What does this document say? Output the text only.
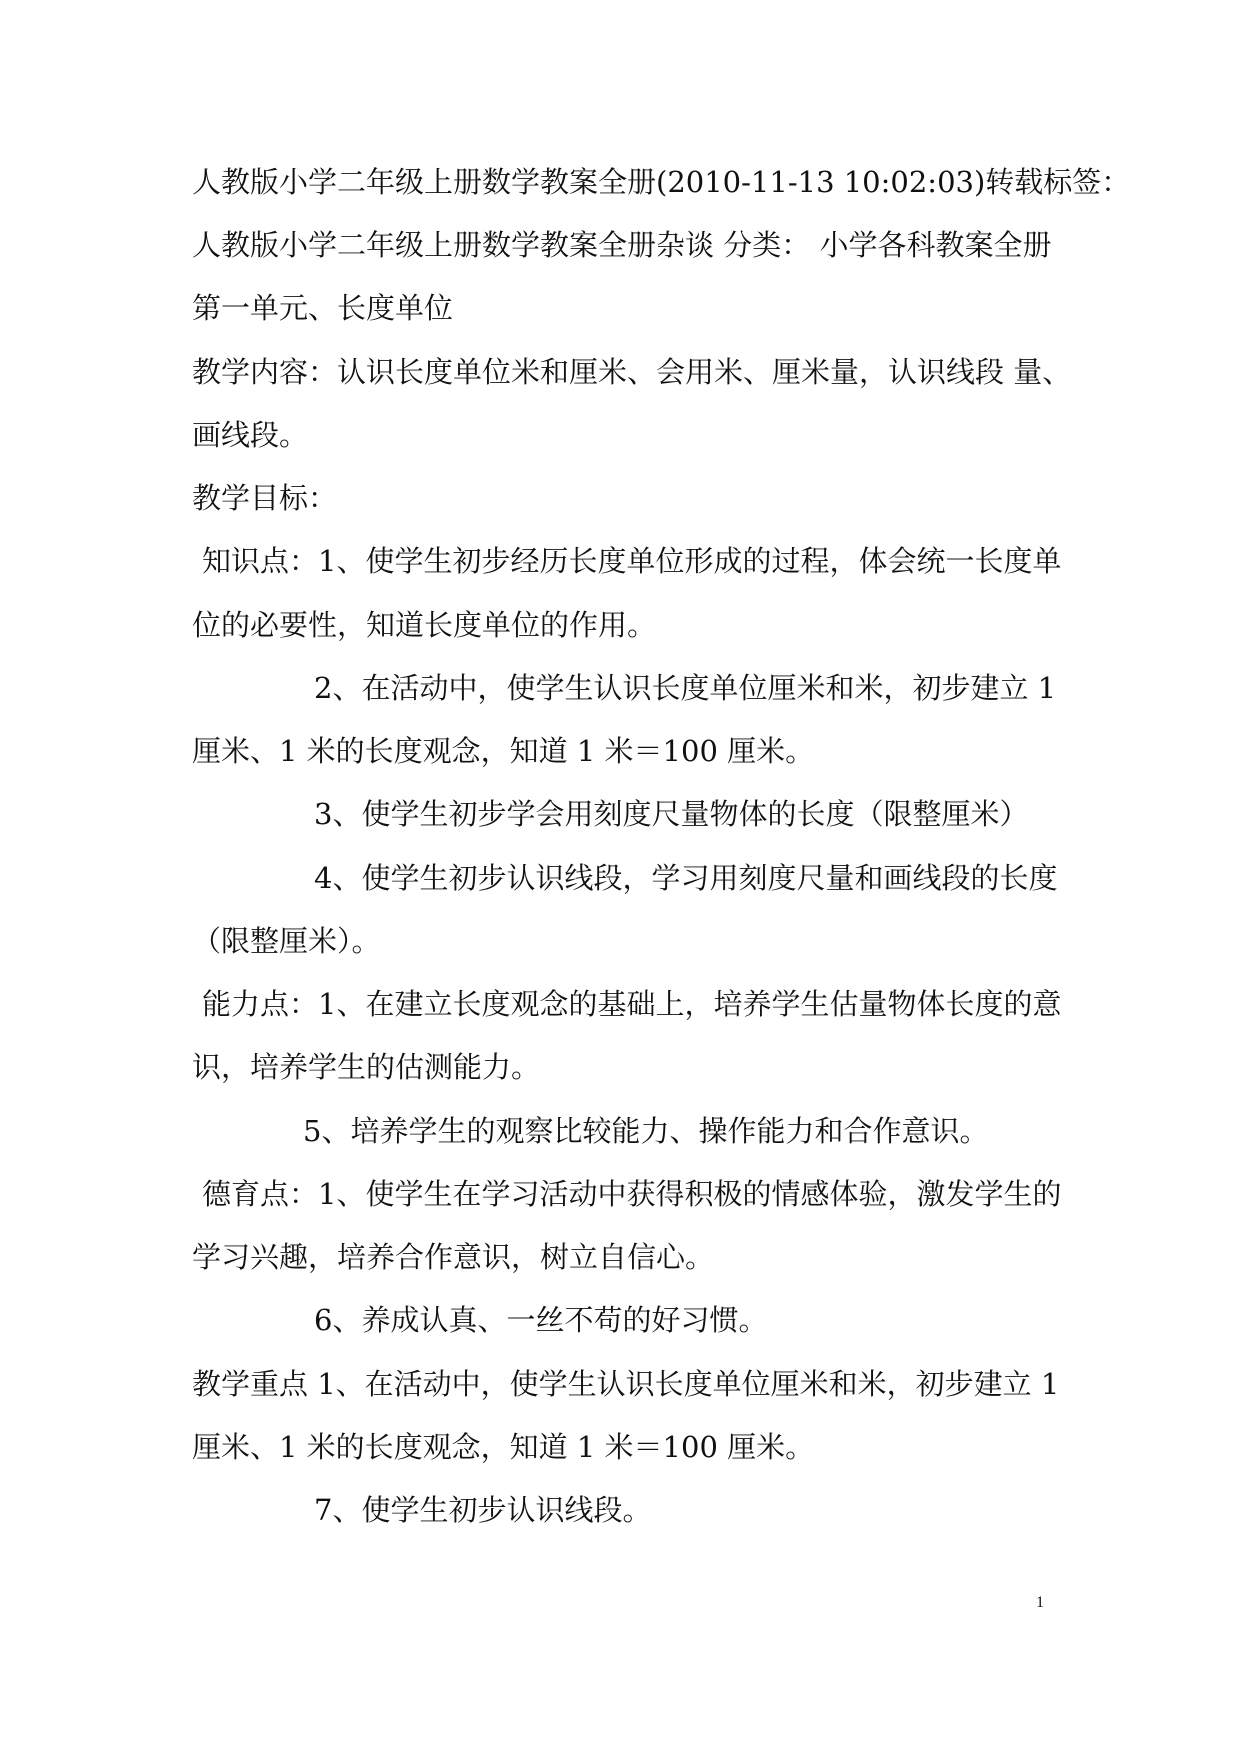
人教版小学二年级上册数学教案全册(2010-11-13 10:02:03)转载标签：

人教版小学二年级上册数学教案全册杂谈 分类： 小学各科教案全册

第一单元、长度单位

教学内容：认识长度单位米和厘米、会用米、厘米量，认识线段 量、

画线段。

教学目标：

知识点：1、使学生初步经历长度单位形成的过程，体会统一长度单

位的必要性，知道长度单位的作用。

2、在活动中，使学生认识长度单位厘米和米，初步建立 1

厘米、1 米的长度观念，知道 1 米＝100 厘米。

3、使学生初步学会用刻度尺量物体的长度（限整厘米）

4、使学生初步认识线段，学习用刻度尺量和画线段的长度

（限整厘米）。

能力点：1、在建立长度观念的基础上，培养学生估量物体长度的意

识，培养学生的估测能力。

5、培养学生的观察比较能力、操作能力和合作意识。

德育点：1、使学生在学习活动中获得积极的情感体验，激发学生的

学习兴趣，培养合作意识，树立自信心。

6、养成认真、一丝不苟的好习惯。

教学重点 1、在活动中，使学生认识长度单位厘米和米，初步建立 1

厘米、1 米的长度观念，知道 1 米＝100 厘米。

7、使学生初步认识线段。

1
